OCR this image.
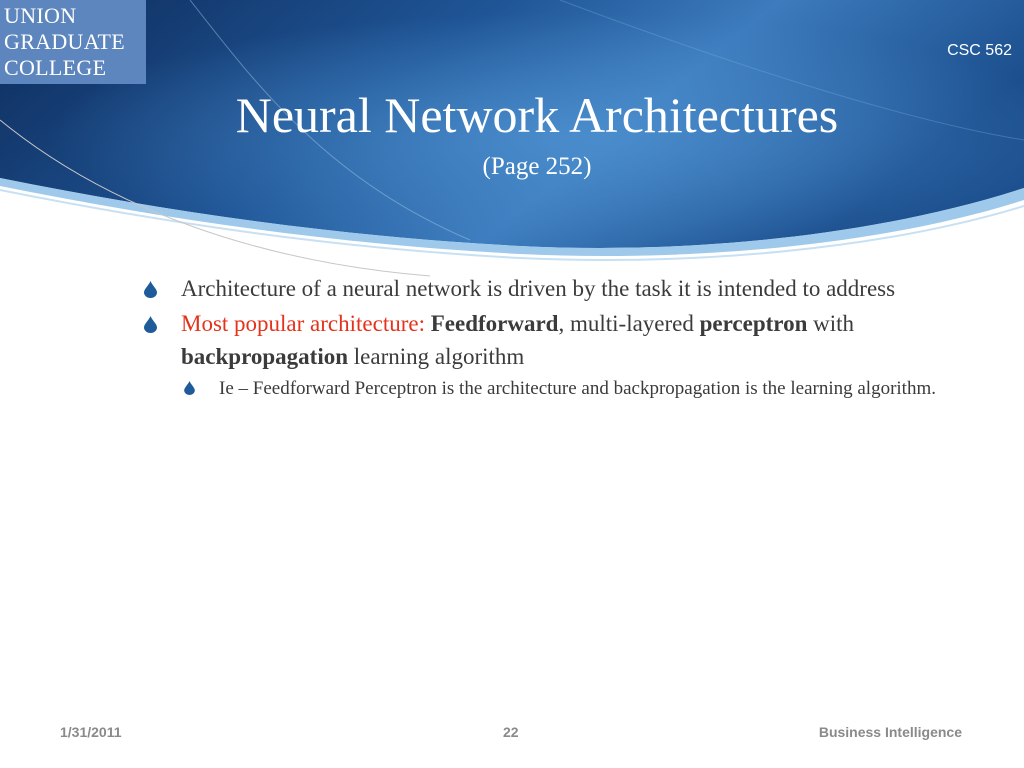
UNION
GRADUATE
COLLEGE
CSC 562
Neural Network Architectures
(Page 252)
Architecture of a neural network is driven by the task it is intended to address
Most popular architecture: Feedforward, multi-layered perceptron with backpropagation learning algorithm
Ie – Feedforward Perceptron is the architecture and backpropagation is the learning algorithm.
1/31/2011	22	Business Intelligence
